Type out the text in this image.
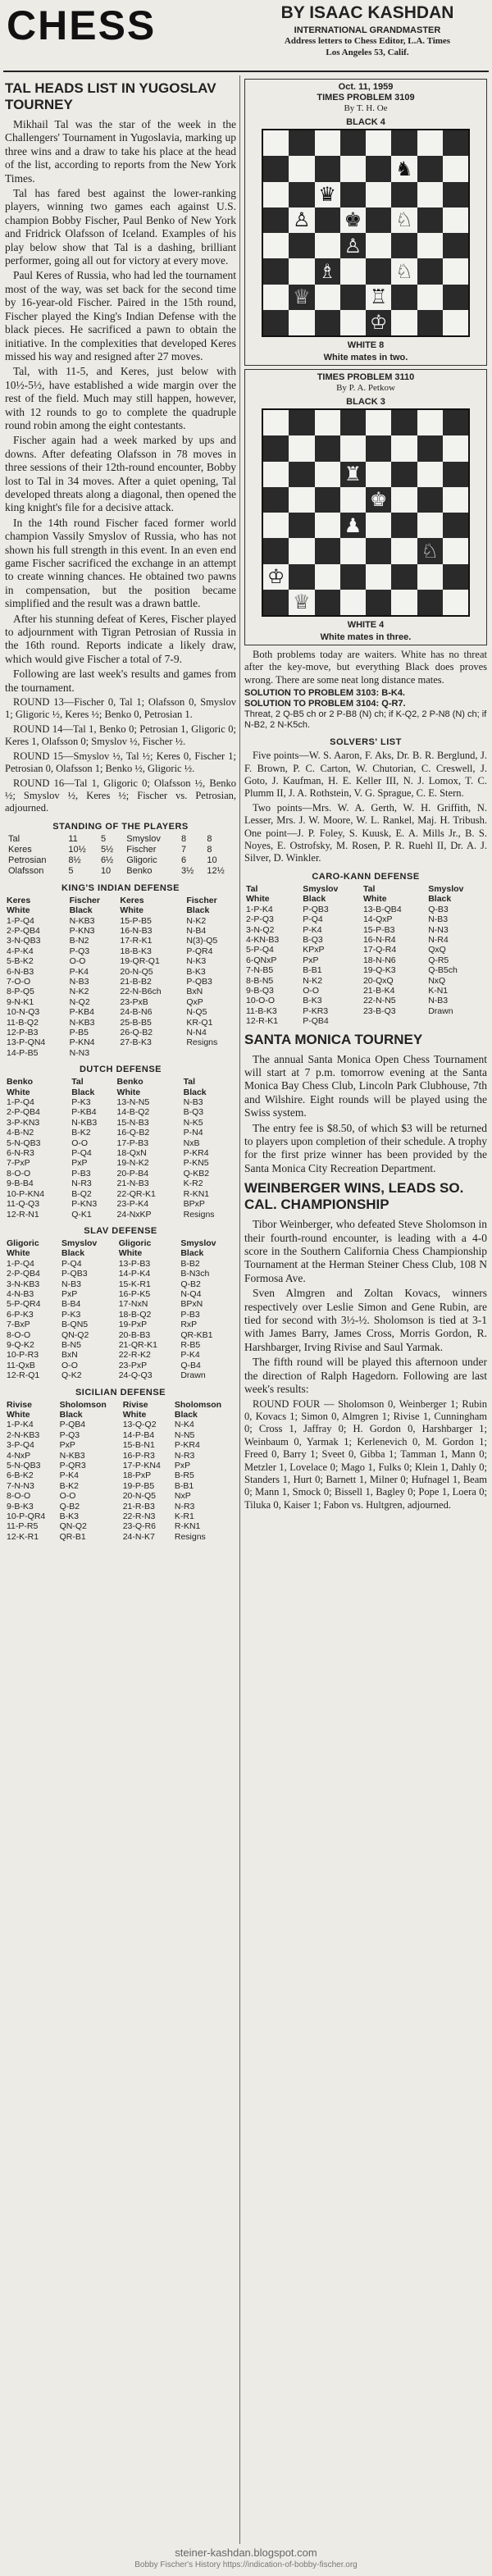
CHESS	BY ISAAC KASHDAN
INTERNATIONAL GRANDMASTER
Address letters to Chess Editor, L.A. Times
Los Angeles 53, Calif.
TAL HEADS LIST IN YUGOSLAV TOURNEY

Mikhail Tal was the star of the week in the Challengers' Tournament in Yugoslavia, marking up three wins and a draw to take his place at the head of the list, according to reports from the New York Times.

Tal has fared best against the lower-ranking players, winning two games each against U.S. champion Bobby Fischer, Paul Benko of New York and Fridrick Olafsson of Iceland. Examples of his play below show that Tal is a dashing, brilliant performer, going all out for victory at every move.

Paul Keres of Russia, who had led the tournament most of the way, was set back for the second time by 16-year-old Fischer. Paired in the 15th round, Fischer played the King's Indian Defense with the black pieces. He sacrificed a pawn to obtain the initiative. In the complexities that developed Keres missed his way and resigned after 27 moves.

Tal, with 11-5, and Keres, just below with 10½-5½, have established a wide margin over the rest of the field. Much may still happen, however, with 12 rounds to go to complete the quadruple round robin among the eight contestants.

Fischer again had a week marked by ups and downs. After defeating Olafsson in 78 moves in three sessions of their 12th-round encounter, Bobby lost to Tal in 34 moves. After a quiet opening, Tal developed threats along a diagonal, then opened the king knight's file for a decisive attack.

In the 14th round Fischer faced former world champion Vassily Smyslov of Russia, who has not shown his full strength in this event. In an even end game Fischer sacrificed the exchange in an attempt to create winning chances. He obtained two pawns in compensation, but the position became simplified and the result was a drawn battle.

After his stunning defeat of Keres, Fischer played to adjournment with Tigran Petrosian of Russia in the 16th round. Reports indicate a likely draw, which would give Fischer a total of 7-9.

Following are last week's results and games from the tournament.

ROUND 13—Fischer 0, Tal 1; Olafsson 0, Smyslov 1; Gligoric ½, Keres ½; Benko 0, Petrosian 1.

ROUND 14—Tal 1, Benko 0; Petrosian 1, Gligoric 0; Keres 1, Olafsson 0; Smyslov ½, Fischer ½.

ROUND 15—Smyslov ½, Tal ½; Keres 0, Fischer 1; Petrosian 0, Olafsson 1; Benko ½, Gligoric ½.

ROUND 16—Tal 1, Gligoric 0; Olafsson ½, Benko ½; Smyslov ½, Keres ½; Fischer vs. Petrosian, adjourned.

STANDING OF THE PLAYERS
Tal	11	5	Smyslov	8	8
Keres	10½	5½	Fischer	7	8
Petrosian	8½	6½	Gligoric	6	10
Olafsson	5	10	Benko	3½	12½
KING'S INDIAN DEFENSE
Keres	Fischer	Keres	Fischer
White	Black	White	Black
1-P-Q4	N-KB3	15-P-B5	N-K2
2-P-QB4	P-KN3	16-N-B3	N-B4
3-N-QB3	B-N2	17-R-K1	N(3)-Q5
4-P-K4	P-Q3	18-B-K3	P-QR4
5-B-K2	O-O	19-QR-Q1	N-K3
6-N-B3	P-K4	20-N-Q5	B-K3
7-O-O	N-B3	21-B-B2	P-QB3
8-P-Q5	N-K2	22-N-B6ch	BxN
9-N-K1	N-Q2	23-PxB	QxP
10-N-Q3	P-KB4	24-B-N6	N-Q5
11-B-Q2	N-KB3	25-B-B5	KR-Q1
12-P-B3	P-B5	26-Q-B2	N-N4
13-P-QN4	P-KN4	27-B-K3	Resigns
14-P-B5	N-N3		
DUTCH DEFENSE
Benko	Tal	Benko	Tal
White	Black	White	Black
1-P-Q4	P-K3	13-N-N5	N-B3
2-P-QB4	P-KB4	14-B-Q2	B-Q3
3-P-KN3	N-KB3	15-N-B3	N-K5
4-B-N2	B-K2	16-Q-B2	P-N4
5-N-QB3	O-O	17-P-B3	NxB
6-N-R3	P-Q4	18-QxN	P-KR4
7-PxP	PxP	19-N-K2	P-KN5
8-O-O	P-B3	20-P-B4	Q-KB2
9-B-B4	N-R3	21-N-B3	K-R2
10-P-KN4	B-Q2	22-QR-K1	R-KN1
11-Q-Q3	P-KN3	23-P-K4	BPxP
12-R-N1	Q-K1	24-NxKP	Resigns
SLAV DEFENSE
Gligoric	Smyslov	Gligoric	Smyslov
White	Black	White	Black
1-P-Q4	P-Q4	13-P-B3	B-B2
2-P-QB4	P-QB3	14-P-K4	B-N3ch
3-N-KB3	N-B3	15-K-R1	Q-B2
4-N-B3	PxP	16-P-K5	N-Q4
5-P-QR4	B-B4	17-NxN	BPxN
6-P-K3	P-K3	18-B-Q2	P-B3
7-BxP	B-QN5	19-PxP	RxP
8-O-O	QN-Q2	20-B-B3	QR-KB1
9-Q-K2	B-N5	21-QR-K1	R-B5
10-P-R3	BxN	22-R-K2	P-K4
11-QxB	O-O	23-PxP	Q-B4
12-R-Q1	Q-K2	24-Q-Q3	Drawn
SICILIAN DEFENSE
Rivise	Sholomson	Rivise	Sholomson
White	Black	White	Black
1-P-K4	P-QB4	13-Q-Q2	N-K4
2-N-KB3	P-Q3	14-P-B4	N-N5
3-P-Q4	PxP	15-B-N1	P-KR4
4-NxP	N-KB3	16-P-R3	N-R3
5-N-QB3	P-QR3	17-P-KN4	PxP
6-B-K2	P-K4	18-PxP	B-R5
7-N-N3	B-K2	19-P-B5	B-B1
8-O-O	O-O	20-N-Q5	NxP
9-B-K3	Q-B2	21-R-B3	N-R3
10-P-QR4	B-K3	22-R-N3	K-R1
11-P-R5	QN-Q2	23-Q-R6	R-KN1
12-K-R1	QR-B1	24-N-K7	Resigns
Oct. 11, 1959
TIMES PROBLEM 3109
By T. H. Oe
BLACK 4
♞
♛
♙ ♚ ♘
♙
♗	♘
♕	♖
♔
WHITE 8
White mates in two.
TIMES PROBLEM 3110
By P. A. Petkow
BLACK 3
♜
♚
♟
♘
♔
♕
WHITE 4
White mates in three.

Both problems today are waiters. White has no threat after the key-move, but everything Black does proves wrong. There are some neat long distance mates.

SOLUTION TO PROBLEM 3103: B-K4.
SOLUTION TO PROBLEM 3104: Q-R7.
Threat, 2 Q-B5 ch or 2 P-B8 (N) ch; if K-Q2, 2 P-N8 (N) ch; if N-B2, 2 N-K5ch.
SOLVERS' LIST

Five points—W. S. Aaron, F. Aks, Dr. B. R. Berglund, J. F. Brown, P. C. Carton, W. Chutorian, C. Creswell, J. Goto, J. Kaufman, H. E. Keller III, N. J. Lomox, T. C. Plumm II, J. A. Rothstein, V. G. Sprague, C. E. Stern.

Two points—Mrs. W. A. Gerth, W. H. Griffith, N. Lesser, Mrs. J. W. Moore, W. L. Rankel, Maj. H. Tribush. One point—J. P. Foley, S. Kuusk, E. A. Mills Jr., B. S. Noyes, E. Ostrofsky, M. Rosen, P. R. Ruehl II, Dr. A. J. Silver, D. Winkler.

CARO-KANN DEFENSE
Tal	Smyslov	Tal	Smyslov
White	Black	White	Black
1-P-K4	P-QB3	13-B-QB4	Q-B3
2-P-Q3	P-Q4	14-QxP	N-B3
3-N-Q2	P-K4	15-P-B3	N-N3
4-KN-B3	B-Q3	16-N-R4	N-R4
5-P-Q4	KPxP	17-Q-R4	QxQ
6-QNxP	PxP	18-N-N6	Q-R5
7-N-B5	B-B1	19-Q-K3	Q-B5ch
8-B-N5	N-K2	20-QxQ	NxQ
9-B-Q3	O-O	21-B-K4	K-N1
10-O-O	B-K3	22-N-N5	N-B3
11-B-K3	P-KR3	23-B-Q3	Drawn
12-R-K1	P-QB4		
SANTA MONICA TOURNEY

The annual Santa Monica Open Chess Tournament will start at 7 p.m. tomorrow evening at the Santa Monica Bay Chess Club, Lincoln Park Clubhouse, 7th and Wilshire. Eight rounds will be played using the Swiss system.

The entry fee is $8.50, of which $3 will be returned to players upon completion of their schedule. A trophy for the first prize winner has been provided by the Santa Monica City Recreation Department.

WEINBERGER WINS, LEADS SO. CAL. CHAMPIONSHIP

Tibor Weinberger, who defeated Steve Sholomson in their fourth-round encounter, is leading with a 4-0 score in the Southern California Chess Championship Tournament at the Herman Steiner Chess Club, 108 N Formosa Ave.

Sven Almgren and Zoltan Kovacs, winners respectively over Leslie Simon and Gene Rubin, are tied for second with 3½-½. Sholomson is tied at 3-1 with James Barry, James Cross, Morris Gordon, R. Harshbarger, Irving Rivise and Saul Yarmak.

The fifth round will be played this afternoon under the direction of Ralph Hagedorn. Following are last week's results:

ROUND FOUR — Sholomson 0, Weinberger 1; Rubin 0, Kovacs 1; Simon 0, Almgren 1; Rivise 1, Cunningham 0; Cross 1, Jaffray 0; H. Gordon 0, Harshbarger 1; Weinbaum 0, Yarmak 1; Kerlenevich 0, M. Gordon 1; Freed 0, Barry 1; Sveet 0, Gibba 1; Tamman 1, Mann 0; Metzler 1, Lovelace 0; Mago 1, Fulks 0; Klein 1, Dahly 0; Standers 1, Hurt 0; Barnett 1, Milner 0; Hufnagel 1, Beam 0; Mann 1, Smock 0; Bissell 1, Bagley 0; Pope 1, Loera 0; Tiluka 0, Kaiser 1; Fabon vs. Hultgren, adjourned.

steiner-kashdan.blogspot.com
Bobby Fischer's History https://indication-of-bobby-fischer.org
